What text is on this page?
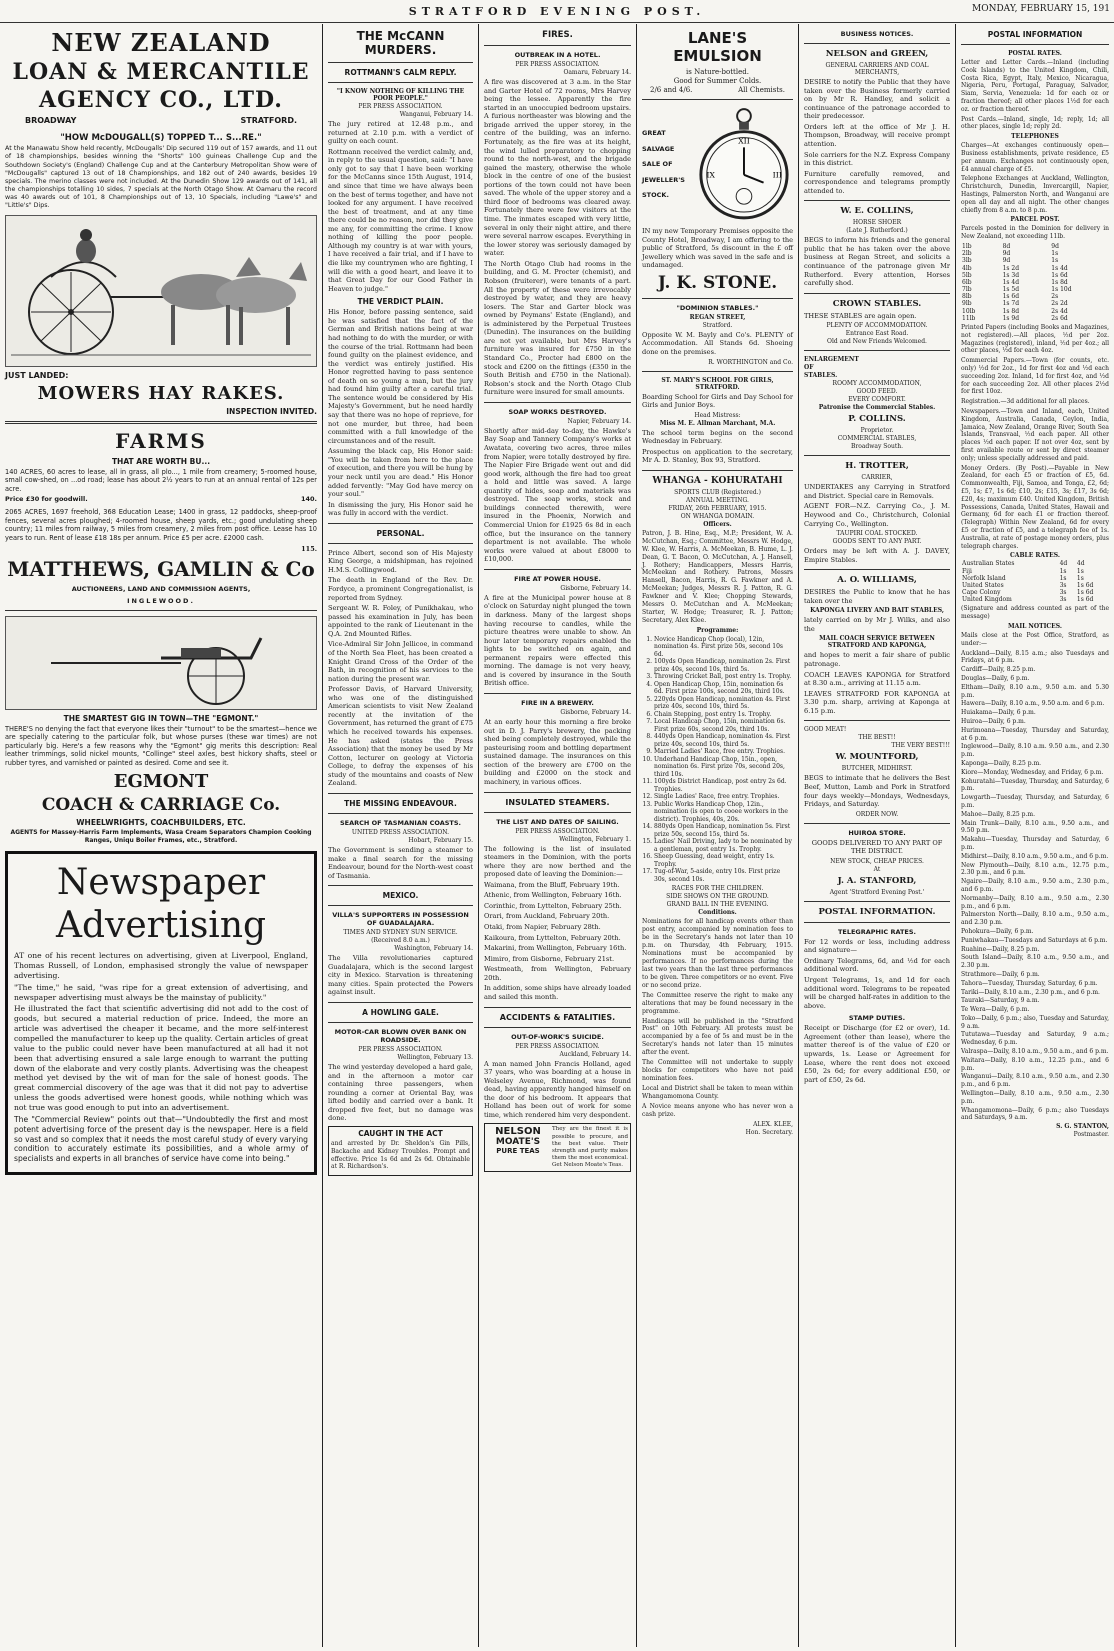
STRATFORD EVENING POST.	MONDAY, FEBRUARY 15, 191
NEW ZEALAND
LOAN & MERCANTILE
AGENCY CO., LTD.
BROADWAY	STRATFORD.
"HOW McDOUGALL(S) TOPPED T... S...RE."

At the Manawatu Show held recently, McDougalls' Dip secured 119 out of 157 awards, and 11 out of 18 championships, besides winning the "Shorts" 100 guineas Challenge Cup and the Southdown Society's (England) Challenge Cup and at the Canterbury Metropolitan Show were of "McDougalls" captured 13 out of 18 Championships, and 182 out of 240 awards, besides 19 specials. The merino classes were not included. At the Dunedin Show 129 awards out of 141, all the championships totalling 10 sides, 7 specials at the North Otago Show. At Oamaru the record was 40 awards out of 101, 8 Championships out of 13, 10 Specials, including "Lawe's" and "Little's" Dips.

JUST LANDED:
MOWERS HAY RAKES.
INSPECTION INVITED.
FARMS
THAT ARE WORTH BU...

140 ACRES, 60 acres to lease, all in grass, all plo..., 1 mile from creamery; 5-roomed house, small cow-shed, on ...od road; lease has about 2½ years to run at an annual rental of 12s per acre.

Price £30 for goodwill.	140.

2065 ACRES, 1697 freehold, 368 Education Lease; 1400 in grass, 12 paddocks, sheep-proof fences, several acres ploughed; 4-roomed house, sheep yards, etc.; good undulating sheep country; 11 miles from railway, 5 miles from creamery, 2 miles from post office. Lease has 10 years to run. Rent of lease £18 18s per annum. Price £5 per acre. £2000 cash.

115.
MATTHEWS, GAMLIN & Co
AUCTIONEERS, LAND AND COMMISSION AGENTS,
INGLEWOOD.
THE SMARTEST GIG IN TOWN—THE "EGMONT."

THERE'S no denying the fact that everyone likes their "turnout" to be the smartest—hence we are specially catering to the particular folk, but whose purses (these war times) are not particularly big. Here's a few reasons why the "Egmont" gig merits this description: Real leather trimmings, solid nickel mounts, "Collinge" steel axles, best hickory shafts, steel or rubber tyres, and varnished or painted as desired. Come and see it.

EGMONT
COACH & CARRIAGE Co.
WHEELWRIGHTS, COACHBUILDERS, ETC.

AGENTS for Massey-Harris Farm Implements, Wasa Cream Separators Champion Cooking Ranges, Uniqu Boiler Frames, etc., Stratford.

Newspaper
Advertising

AT one of his recent lectures on advertising, given at Liverpool, England, Thomas Russell, of London, emphasised strongly the value of newspaper advertising.

"The time," he said, "was ripe for a great extension of advertising, and newspaper advertising must always be the mainstay of publicity."

He illustrated the fact that scientific advertising did not add to the cost of goods, but secured a material reduction of price. Indeed, the more an article was advertised the cheaper it became, and the more self-interest compelled the manufacturer to keep up the quality. Certain articles of great value to the public could never have been manufactured at all had it not been that advertising ensured a sale large enough to warrant the putting down of the elaborate and very costly plants. Advertising was the cheapest method yet devised by the wit of man for the sale of honest goods. The great commercial discovery of the age was that it did not pay to advertise unless the goods advertised were honest goods, while nothing which was not true was good enough to put into an advertisement.

The "Commercial Review" points out that—"Undoubtedly the first and most potent advertising force of the present day is the newspaper. Here is a field so vast and so complex that it needs the most careful study of every varying condition to accurately estimate its possibilities, and a whole army of specialists and experts in all branches of service have come into being."

THE McCANN MURDERS.
ROTTMANN'S CALM REPLY.
"I KNOW NOTHING OF KILLING THE POOR PEOPLE."
PER PRESS ASSOCIATION.
Wanganui, February 14.

The jury retired at 12.48 p.m., and returned at 2.10 p.m. with a verdict of guilty on each count.

Rottmann received the verdict calmly, and, in reply to the usual question, said: "I have only got to say that I have been working for the McCanns since 15th August, 1914, and since that time we have always been on the best of terms together, and have not looked for any argument. I have received the best of treatment, and at any time there could be no reason, nor did they give me any, for committing the crime. I know nothing of killing the poor people. Although my country is at war with yours, I have received a fair trial, and if I have to die like my countrymen who are fighting, I will die with a good heart, and leave it to that Great Day for our Good Father in Heaven to judge."

THE VERDICT PLAIN.

His Honor, before passing sentence, said he was satisfied that the fact of the German and British nations being at war had nothing to do with the murder, or with the course of the trial. Rottmann had been found guilty on the plainest evidence, and the verdict was entirely justified. His Honor regretted having to pass sentence of death on so young a man, but the jury had found him guilty after a careful trial. The sentence would be considered by His Majesty's Government, but he need hardly say that there was no hope of reprieve, for not one murder, but three, had been committed with a full knowledge of the circumstances and of the result.

Assuming the black cap, His Honor said: "You will be taken from here to the place of execution, and there you will be hung by your neck until you are dead." His Honor added fervently: "May God have mercy on your soul."

In dismissing the jury, His Honor said he was fully in accord with the verdict.

PERSONAL.

Prince Albert, second son of His Majesty King George, a midshipman, has rejoined H.M.S. Collingwood.

The death in England of the Rev. Dr. Fordyce, a prominent Congregationalist, is reported from Sydney.

Sergeant W. R. Foley, of Punikhakau, who passed his examination in July, has been appointed to the rank of Lieutenant in the Q.A. 2nd Mounted Rifles.

Vice-Admiral Sir John Jellicoe, in command of the North Sea Fleet, has been created a Knight Grand Cross of the Order of the Bath, in recognition of his services to the nation during the present war.

Professor Davis, of Harvard University, who was one of the distinguished American scientists to visit New Zealand recently at the invitation of the Government, has returned the grant of £75 which he received towards his expenses. He has asked (states the Press Association) that the money be used by Mr Cotton, lecturer on geology at Victoria College, to defray the expenses of his study of the mountains and coasts of New Zealand.

THE MISSING ENDEAVOUR.
SEARCH OF TASMANIAN COASTS.
UNITED PRESS ASSOCIATION.
Hobart, February 15.

The Government is sending a steamer to make a final search for the missing Endeavour, bound for the North-west coast of Tasmania.

MEXICO.
VILLA'S SUPPORTERS IN POSSESSION OF GUADALAJARA.
TIMES AND SYDNEY SUN SERVICE.
(Received 8.0 a.m.)
Washington, February 14.

The Villa revolutionaries captured Guadalajara, which is the second largest city in Mexico. Starvation is threatening many cities. Spain protected the Powers against insult.

A HOWLING GALE.
MOTOR-CAR BLOWN OVER BANK ON ROADSIDE.
PER PRESS ASSOCIATION.
Wellington, February 13.

The wind yesterday developed a hard gale, and in the afternoon a motor car containing three passengers, when rounding a corner at Oriental Bay, was lifted bodily and carried over a bank. It dropped five feet, but no damage was done.

CAUGHT IN THE ACT

and arrested by Dr. Sheldon's Gin Pills, Backache and Kidney Troubles. Prompt and effective. Price 1s 6d and 2s 6d. Obtainable at R. Richardson's.

FIRES.
OUTBREAK IN A HOTEL.
PER PRESS ASSOCIATION.
Oamaru, February 14.

A fire was discovered at 3 a.m. in the Star and Garter Hotel of 72 rooms, Mrs Harvey being the lessee. Apparently the fire started in an unoccupied bedroom upstairs. A furious northeaster was blowing and the brigade arrived the upper storey, in the centre of the building, was an inferno. Fortunately, as the fire was at its height, the wind lulled preparatory to chopping round to the north-west, and the brigade gained the mastery, otherwise the whole block in the centre of one of the busiest portions of the town could not have been saved. The whole of the upper storey and a third floor of bedrooms was cleared away. Fortunately there were few visitors at the time. The inmates escaped with very little, several in only their night attire, and there were several narrow escapes. Everything in the lower storey was seriously damaged by water.

The North Otago Club had rooms in the building, and G. M. Procter (chemist), and Robson (fruiterer), were tenants of a part. All the property of these were irrevocably destroyed by water, and they are heavy losers. The Star and Garter block was owned by Peymans' Estate (England), and is administered by the Perpetual Trustees (Dunedin). The insurances on the building are not yet available, but Mrs Harvey's furniture was insured for £750 in the Standard Co., Procter had £800 on the stock and £200 on the fittings (£350 in the South British and £750 in the National). Robson's stock and the North Otago Club furniture were insured for small amounts.

SOAP WORKS DESTROYED.
Napier, February 14.

Shortly after mid-day to-day, the Hawke's Bay Soap and Tannery Company's works at Awatata, covering two acres, three miles from Napier, were totally destroyed by fire. The Napier Fire Brigade went out and did good work, although the fire had too great a hold and little was saved. A large quantity of hides, soap and materials was destroyed. The soap works, stock and buildings connected therewith, were insured in the Phoenix, Norwich and Commercial Union for £1925 6s 8d in each office, but the insurance on the tannery department is not available. The whole works were valued at about £8000 to £10,000.

FIRE AT POWER HOUSE.
Gisborne, February 14.

A fire at the Municipal power house at 8 o'clock on Saturday night plunged the town in darkness. Many of the largest shops having recourse to candles, while the picture theatres were unable to show. An hour later temporary repairs enabled the lights to be switched on again, and permanent repairs were effected this morning. The damage is not very heavy, and is covered by insurance in the South British office.

FIRE IN A BREWERY.
Gisborne, February 14.

At an early hour this morning a fire broke out in D. J. Parry's brewery, the packing shed being completely destroyed, while the pasteurising room and bottling department sustained damage. The insurances on this section of the brewery are £700 on the building and £2000 on the stock and machinery, in various offices.

INSULATED STEAMERS.
THE LIST AND DATES OF SAILING.
PER PRESS ASSOCIATION.
Wellington, February 1.

The following is the list of insulated steamers in the Dominion, with the ports where they are now berthed and the proposed date of leaving the Dominion:—

Waimana, from the Bluff, February 19th.

Athenic, from Wellington, February 16th.

Corinthic, from Lyttelton, February 25th.

Orari, from Auckland, February 20th.

Otaki, from Napier, February 28th.

Kaikoura, from Lyttelton, February 20th.

Makarini, from Wellington, February 16th.

Mimiro, from Gisborne, February 21st.

Westmeath, from Wellington, February 20th.

In addition, some ships have already loaded and sailed this month.

ACCIDENTS & FATALITIES.
OUT-OF-WORK'S SUICIDE.
PER PRESS ASSOCIATION.
Auckland, February 14.

A man named John Francis Holland, aged 37 years, who was boarding at a house in Welseley Avenue, Richmond, was found dead, having apparently hanged himself on the door of his bedroom. It appears that Holland has been out of work for some time, which rendered him very despondent.

NELSON
MOATE'S
PURE TEAS

They are the finest it is possible to procure, and the best value. Their strength and purity makes them the most economical. Get Nelson Moate's Teas.

LANE'S EMULSION
is Nature-bottled.
Good for Summer Colds.
2/6 and 4/6.	All Chemists.
GREAT
SALVAGE
SALE OF
JEWELLER'S
STOCK.
XII
III
IX

IN my new Temporary Premises opposite the County Hotel, Broadway, I am offering to the public of Stratford, 5s discount in the £ off Jewellery which was saved in the safe and is undamaged.

J. K. STONE.
"DOMINION STABLES."
REGAN STREET,
Stratford.

Opposite W. M. Bayly and Co's. PLENTY of Accommodation. All Stands 6d. Shoeing done on the premises.

R. WORTHINGTON and Co.
ST. MARY'S SCHOOL FOR GIRLS, STRATFORD.

Boarding School for Girls and Day School for Girls and Junior Boys.

Head Mistress:
Miss M. E. Allman Marchant, M.A.

The school term begins on the second Wednesday in February.

Prospectus on application to the secretary, Mr A. D. Stanley, Box 93, Stratford.

WHANGA - KOHURATAHI
SPORTS CLUB (Registered.)
ANNUAL MEETING.
FRIDAY, 26th FEBRUARY, 1915.
ON WHANGA DOMAIN.
Officers.

Patron, J. B. Hine, Esq., M.P.; President, W. A. McCutchan, Esq.; Committee, Messrs W. Hodge, W. Klee, W. Harris, A. McMeekan, B. Hume, L. J. Dean, G. T. Bacon, O. McCutchan, A. J. Hansell, J. Rothery; Handicappers, Messrs Harris, McMeekan and Rothery. Patrons, Messrs Hansell, Bacon, Harris, R. G. Fawkner and A. McMeekan; Judges, Messrs R. J. Patton, R. G. Fawkner and V. Klee; Chopping Stewards, Messrs O. McCutchan and A. McMeekan; Starter, W. Hodge; Treasurer, R. J. Patton; Secretary, Alex Klee.

Programme:
1. Novice Handicap Chop (local), 12in, nomination 4s. First prize 50s, second 10s 6d.
2. 100yds Open Handicap, nomination 2s. First prize 40s, second 10s, third 5s.
3. Throwing Cricket Ball, post entry 1s. Trophy.
4. Open Handicap Chop, 15in, nomination 6s 6d. First prize 100s, second 20s, third 10s.
5. 220yds Open Handicap, nomination 4s. First prize 40s, second 10s, third 5s.
6. Chain Stepping, post entry 1s. Trophy.
7. Local Handicap Chop, 15in, nomination 6s. First prize 60s, second 20s, third 10s.
8. 440yds Open Handicap, nomination 4s. First prize 40s, second 10s, third 5s.
9. Married Ladies' Race, free entry. Trophies.
10. Underhand Handicap Chop, 15in., open, nomination 6s. First prize 70s, second 20s, third 10s.
11. 100yds District Handicap, post entry 2s 6d. Trophies.
12. Single Ladies' Race, free entry. Trophies.
13. Public Works Handicap Chop, 12in., nomination (is open to cooee workers in the district). Trophies, 40s, 20s.
14. 880yds Open Handicap, nomination 5s. First prize 50s, second 15s, third 5s.
15. Ladies' Nail Driving, lady to be nominated by a gentleman, post entry 1s. Trophy.
16. Sheep Guessing, dead weight, entry 1s. Trophy.
17. Tug-of-War, 5-aside, entry 10s. First prize 30s, second 10s.
RACES FOR THE CHILDREN.
SIDE SHOWS ON THE GROUND.
GRAND BALL IN THE EVENING.
Conditions.

Nominations for all handicap events other than post entry, accompanied by nomination fees to be in the Secretary's hands not later than 10 p.m. on Thursday, 4th February, 1915. Nominations must be accompanied by performances. If no performances during the last two years than the last three performances to be given. Three competitors or no event. Five or no second prize.

The Committee reserve the right to make any alterations that may be found necessary in the programme.

Handicaps will be published in the "Stratford Post" on 10th February. All protests must be accompanied by a fee of 5s and must be in the Secretary's hands not later than 15 minutes after the event.

The Committee will not undertake to supply blocks for competitors who have not paid nomination fees.

Local and District shall be taken to mean within Whangamomona County.

A Novice means anyone who has never won a cash prize.

ALEX. KLEE,
Hon. Secretary.
BUSINESS NOTICES.
NELSON and GREEN,
GENERAL CARRIERS AND COAL MERCHANTS,

DESIRE to notify the Public that they have taken over the Business formerly carried on by Mr R. Handley, and solicit a continuance of the patronage accorded to their predecessor.

Orders left at the office of Mr J. H. Thompson, Broadway, will receive prompt attention.

Sole carriers for the N.Z. Express Company in this district.

Furniture carefully removed, and correspondence and telegrams promptly attended to.

W. E. COLLINS,
HORSE SHOER
(Late J. Rutherford.)

BEGS to inform his friends and the general public that he has taken over the above business at Regan Street, and solicits a continuance of the patronage given Mr Rutherford. Every attention, Horses carefully shod.

CROWN STABLES.

THESE STABLES are again open.

PLENTY OF ACCOMMODATION.
Entrance East Road.
Old and New Friends Welcomed.
ENLARGEMENT
OF
STABLES.
ROOMY ACCOMMODATION,
GOOD FEED.
EVERY COMFORT.
Patronise the Commercial Stables.
P. COLLINS.
Proprietor.
COMMERCIAL STABLES,
Broadway South.
H. TROTTER,
CARRIER,

UNDERTAKES any Carrying in Stratford and District. Special care in Removals.

AGENT FOR—N.Z. Carrying Co., J. M. Heywood and Co., Christchurch, Colonial Carrying Co., Wellington.

TAUPIRI COAL STOCKED.
GOODS SENT TO ANY PART.

Orders may be left with A. J. DAVEY, Empire Stables.

A. O. WILLIAMS,

DESIRES the Public to know that he has taken over the

KAPONGA LIVERY AND BAIT STABLES,

lately carried on by Mr J. Wilks, and also the

MAIL COACH SERVICE BETWEEN STRATFORD AND KAPONGA,

and hopes to merit a fair share of public patronage.

COACH LEAVES KAPONGA for Stratford at 8.30 a.m., arriving at 11.15 a.m.

LEAVES STRATFORD FOR KAPONGA at 3.30 p.m. sharp, arriving at Kaponga at 6.15 p.m.

GOOD MEAT!
THE BEST!!
THE VERY BEST!!!
W. MOUNTFORD,
BUTCHER, MIDHIRST.

BEGS to intimate that he delivers the Best Beef, Mutton, Lamb and Pork in Stratford four days weekly—Mondays, Wednesdays, Fridays, and Saturday.

ORDER NOW.
HUIROA STORE.

GOODS DELIVERED TO ANY PART OF THE DISTRICT.

NEW STOCK, CHEAP PRICES.
At
J. A. STANFORD,
Agent 'Stratford Evening Post.'
POSTAL INFORMATION.
TELEGRAPHIC RATES.

For 12 words or less, including address and signature—

Ordinary Telegrams, 6d, and ½d for each additional word.

Urgent Telegrams, 1s, and 1d for each additional word. Telegrams to be repeated will be charged half-rates in addition to the above.

STAMP DUTIES.

Receipt or Discharge (for £2 or over), 1d. Agreement (other than lease), where the matter thereof is of the value of £20 or upwards, 1s. Lease or Agreement for Lease, where the rent does not exceed £50, 2s 6d; for every additional £50, or part of £50, 2s 6d.

POSTAL INFORMATION
POSTAL RATES.

Letter and Letter Cards.—Inland (including Cook Islands) to the United Kingdom, Chili, Costa Rica, Egypt, Italy, Mexico, Nicaragua, Nigeria, Peru, Portugal, Paraguay, Salvador, Siam, Servia, Venezuela: 1d for each oz or fraction thereof; all other places 1½d for each oz. or fraction thereof.

Post Cards.—Inland, single, 1d; reply, 1d; all other places, single 1d; reply 2d.

TELEPHONES

Charges—At exchanges continuously open—Business establishments, private residence, £5 per annum. Exchanges not continuously open, £4 annual charge of £5.

Telephone Exchanges at Auckland, Wellington, Christchurch, Dunedin, Invercargill, Napier, Hastings, Palmerston North, and Wanganui are open all day and all night. The other changes chiefly from 8 a.m. to 8 p.m.

PARCEL POST.

Parcels posted in the Dominion for delivery in New Zealand, not exceeding 11lb.

1lb	8d	9d
2lb	9d	1s
3lb	9d	1s
4lb	1s 2d	1s 4d
5lb	1s 3d	1s 6d
6lb	1s 4d	1s 8d
7lb	1s 5d	1s 10d
8lb	1s 6d	2s
9lb	1s 7d	2s 2d
10lb	1s 8d	2s 4d
11lb	1s 9d	2s 6d

Printed Papers (including Books and Magazines, not registered).—All places, ½d per 2oz. Magazines (registered), inland, ½d per 4oz.; all other places, ½d for each 4oz.

Commercial Papers.—Town (for counts, etc. only) ½d for 2oz., 1d for first 4oz and ½d each succeeding 2oz. Inland, 1d for first 4oz, and ½d for each succeeding 2oz. All other places 2½d for first 10oz.

Registration.—3d additional for all places.

Newspapers.—Town and Inland, each, United Kingdom, Australia, Canada, Ceylon, India, Jamaica, New Zealand, Orange River, South Sea Islands, Transvaal, ½d each paper. All other places ½d each paper. If not over 4oz, sent by first available route or sent by direct steamer only; unless specially addressed and paid.

Money Orders. (By Post).—Payable in New Zealand, for each £5 or fraction of £5, 6d. Commonwealth, Fiji, Samoa, and Tonga, £2, 6d; £5, 1s; £7, 1s 6d; £10, 2s; £15, 3s; £17, 3s 6d; £20, 4s; maximum £40. United Kingdom, British Possessions, Canada, United States, Hawaii and Germany, 6d for each £1 or fraction thereof. (Telegraph) Within New Zealand, 6d for every £5 or fraction of £5, and a telegraph fee of 1s. Australia, at rate of postage money orders, plus telegraph charges.

CABLE RATES.
Australian States	4d	4d
Fiji	1s	1s
Norfolk Island	1s	1s
United States	3s	1s 6d
Cape Colony	3s	1s 6d
United Kingdom	3s	1s 6d

(Signature and address counted as part of the message)

MAIL NOTICES.

Mails close at the Post Office, Stratford, as under:—

Auckland—Daily, 8.15 a.m.; also Tuesdays and Fridays, at 6 p.m.

Cardiff—Daily, 8.25 p.m.

Douglas—Daily, 6 p.m.

Eltham—Daily, 8.10 a.m., 9.50 a.m. and 5.30 p.m.

Hawera—Daily, 8.10 a.m., 9.50 a.m. and 6 p.m.

Huiakama—Daily, 6 p.m.

Huiroa—Daily, 6 p.m.

Hurimoana—Tuesday, Thursday and Saturday, at 6 p.m.

Inglewood—Daily, 8.10 a.m. 9.50 a.m., and 2.30 p.m.

Kaponga—Daily, 8.25 p.m.

Kiore—Monday, Wednesday, and Friday, 6 p.m.

Kohuratahi—Tuesday, Thursday, and Saturday, 6 p.m.

Lowgarth—Tuesday, Thursday, and Saturday, 6 p.m.

Mahoe—Daily, 8.25 p.m.

Main Trunk—Daily, 8.10 a.m., 9.50 a.m., and 9.50 p.m.

Makahu—Tuesday, Thursday and Saturday, 6 p.m.

Midhirst—Daily, 8.10 a.m., 9.50 a.m., and 6 p.m.

New Plymouth—Daily, 8.10 a.m., 12.75 p.m., 2.30 p.m., and 6 p.m.

Ngaire—Daily, 8.10 a.m., 9.50 a.m., 2.30 p.m., and 6 p.m.

Normanby—Daily, 8.10 a.m., 9.50 a.m., 2.30 p.m., and 6 p.m.

Palmerston North—Daily, 8.10 a.m., 9.50 a.m., and 2.30 p.m.

Pohokura—Daily, 6 p.m.

Puniwhakau—Tuesdays and Saturdays at 6 p.m.

Ruahine—Daily, 8.25 p.m.

South Island—Daily, 8.10 a.m., 9.50 a.m., and 2.30 p.m.

Strathmore—Daily, 6 p.m.

Tahora—Tuesday, Thursday, Saturday, 6 p.m.

Tariki—Daily, 8.10 a.m., 2.30 p.m., and 6 p.m.

Tauraki—Saturday, 9 a.m.

Te Wera—Daily, 6 p.m.

Toko—Daily, 6 p.m.; also, Tuesday and Saturday, 9 a.m.

Tututawa—Tuesday and Saturday, 9 a.m.; Wednesday, 6 p.m.

Valraspa—Daily, 8.10 a.m., 9.50 a.m., and 6 p.m.

Waitara—Daily, 8.10 a.m., 12.25 p.m., and 6 p.m.

Wanganui—Daily, 8.10 a.m., 9.50 a.m., and 2.30 p.m., and 6 p.m.

Wellington—Daily, 8.10 a.m., 9.50 a.m., 2.30 p.m.

Whangamomona—Daily, 6 p.m.; also Tuesdays and Saturdays, 9 a.m.

S. G. STANTON,
Postmaster.
